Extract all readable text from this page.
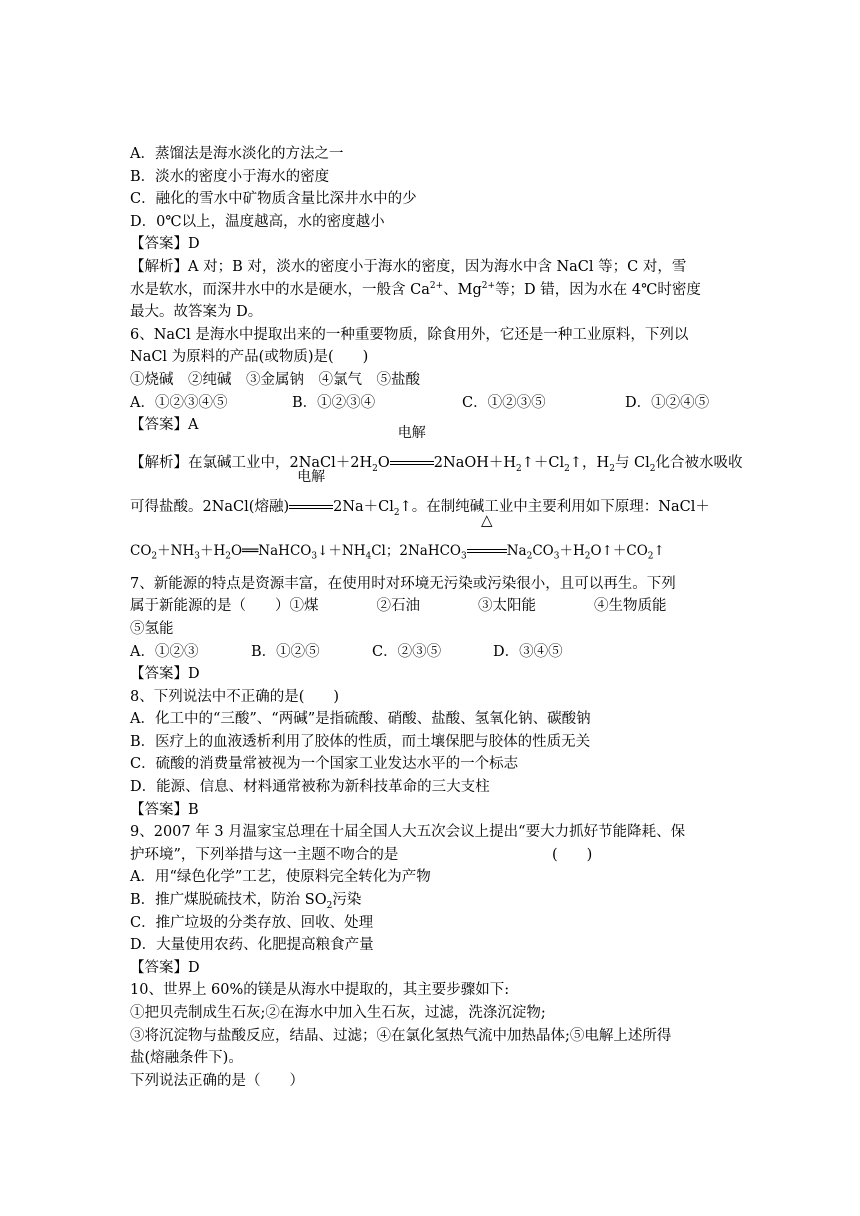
A．蒸馏法是海水淡化的方法之一
B．淡水的密度小于海水的密度
C．融化的雪水中矿物质含量比深井水中的少
D．0℃以上，温度越高，水的密度越小
【答案】D
【解析】A 对；B 对，淡水的密度小于海水的密度，因为海水中含 NaCl 等；C 对，雪
水是软水，而深井水中的水是硬水，一般含 $Ca^{2+}$、$Mg^{2+}$等；D 错，因为水在 4℃时密度
最大。故答案为 D。
6、NaCl 是海水中提取出来的一种重要物质，除食用外，它还是一种工业原料，下列以
NaCl 为原料的产品(或物质)是(　　)
①烧碱　②纯碱　③金属钠　④氯气　⑤盐酸
A．①②③④⑤	B．①②③④	C．①②③⑤	D．①②④⑤
【答案】A
【解析】在氯碱工业中，$2NaCl+2H_2O$
电解
$2NaOH+H_2↑+Cl_2↑$，$H_2$与 $Cl_2$化合被水吸收
可得盐酸。2NaCl(熔融)
电解
$2Na+Cl_2↑$。在制纯碱工业中主要利用如下原理：NaCl＋
$CO_2+NH_3+H_2O══NaHCO_3↓+NH_4Cl$；2NaHCO$_3$
△
$Na_2CO_3+H_2O↑+CO_2↑$
7、新能源的特点是资源丰富，在使用时对环境无污染或污染很小，且可以再生。下列
属于新能源的是（　　）①煤　　　　②石油　　　　③太阳能　　　　④生物质能
⑤氢能
A．①②③	B．①②⑤	C．②③⑤	D．③④⑤
【答案】D
8、下列说法中不正确的是(　　)
A．化工中的“三酸”、“两碱”是指硫酸、硝酸、盐酸、氢氧化钠、碳酸钠
B．医疗上的血液透析利用了胶体的性质，而土壤保肥与胶体的性质无关
C．硫酸的消费量常被视为一个国家工业发达水平的一个标志
D．能源、信息、材料通常被称为新科技革命的三大支柱
【答案】B
9、2007 年 3 月温家宝总理在十届全国人大五次会议上提出“要大力抓好节能降耗、保
护环境”，下列举措与这一主题不吻合的是	(　　)
A．用“绿色化学”工艺，使原料完全转化为产物
B．推广煤脱硫技术，防治 $SO_2$污染
C．推广垃圾的分类存放、回收、处理
D．大量使用农药、化肥提高粮食产量
【答案】D
10、世界上 60%的镁是从海水中提取的，其主要步骤如下:
①把贝壳制成生石灰;②在海水中加入生石灰，过滤，洗涤沉淀物;
③将沉淀物与盐酸反应，结晶、过滤；④在氯化氢热气流中加热晶体;⑤电解上述所得
盐(熔融条件下)。
下列说法正确的是（　　）
